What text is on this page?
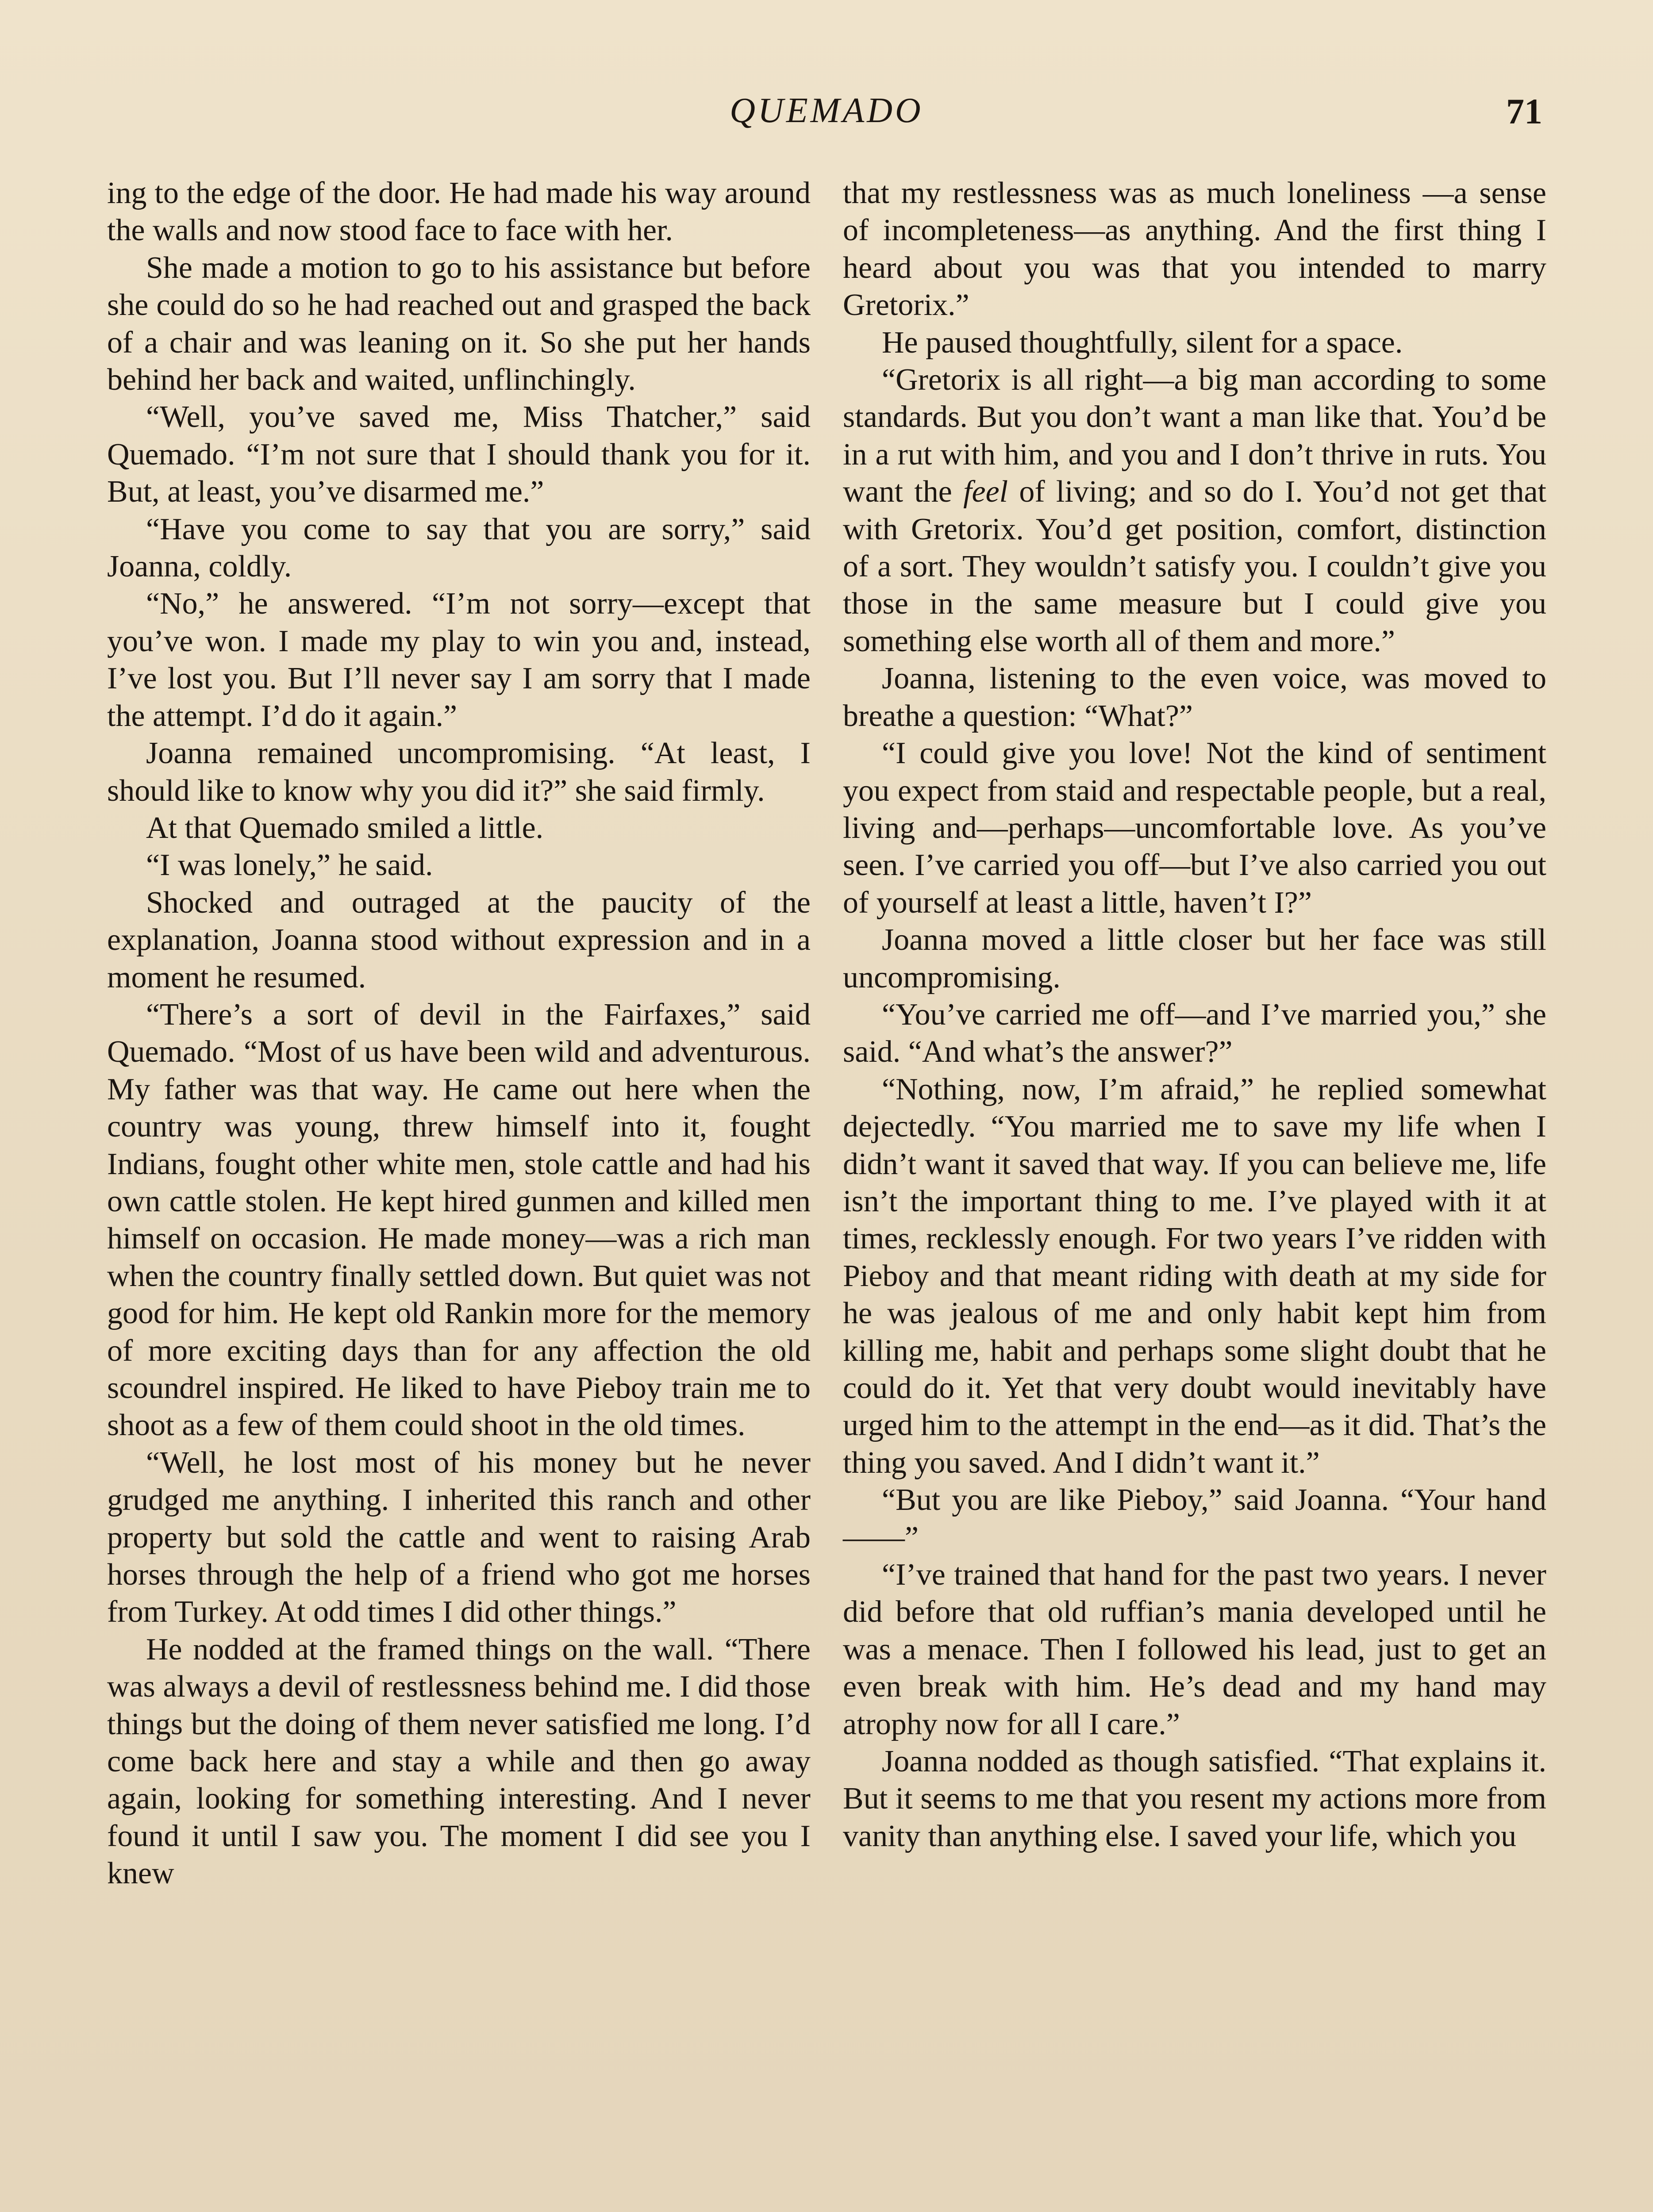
QUEMADO	71

ing to the edge of the door. He had made his way around the walls and now stood face to face with her.

She made a motion to go to his assistance but before she could do so he had reached out and grasped the back of a chair and was leaning on it. So she put her hands behind her back and waited, unflinchingly.

“Well, you’ve saved me, Miss Thatcher,” said Quemado. “I’m not sure that I should thank you for it. But, at least, you’ve disarmed me.”

“Have you come to say that you are sorry,” said Joanna, coldly.

“No,” he answered. “I’m not sorry—except that you’ve won. I made my play to win you and, instead, I’ve lost you. But I’ll never say I am sorry that I made the attempt. I’d do it again.”

Joanna remained uncompromising. “At least, I should like to know why you did it?” she said firmly.

At that Quemado smiled a little.

“I was lonely,” he said.

Shocked and outraged at the paucity of the explanation, Joanna stood without expression and in a moment he resumed.

“There’s a sort of devil in the Fairfaxes,” said Quemado. “Most of us have been wild and adventurous. My father was that way. He came out here when the country was young, threw himself into it, fought Indians, fought other white men, stole cattle and had his own cattle stolen. He kept hired gunmen and killed men himself on occasion. He made money—was a rich man when the country finally settled down. But quiet was not good for him. He kept old Rankin more for the memory of more exciting days than for any affection the old scoundrel inspired. He liked to have Pieboy train me to shoot as a few of them could shoot in the old times.

“Well, he lost most of his money but he never grudged me anything. I inherited this ranch and other property but sold the cattle and went to raising Arab horses through the help of a friend who got me horses from Turkey. At odd times I did other things.”

He nodded at the framed things on the wall. “There was always a devil of restlessness behind me. I did those things but the doing of them never satisfied me long. I’d come back here and stay a while and then go away again, looking for something interesting. And I never found it until I saw you. The moment I did see you I knew

that my restlessness was as much loneliness —a sense of incompleteness—as anything. And the first thing I heard about you was that you intended to marry Gretorix.”

He paused thoughtfully, silent for a space.

“Gretorix is all right—a big man according to some standards. But you don’t want a man like that. You’d be in a rut with him, and you and I don’t thrive in ruts. You want the feel of living; and so do I. You’d not get that with Gretorix. You’d get position, comfort, distinction of a sort. They wouldn’t satisfy you. I couldn’t give you those in the same measure but I could give you something else worth all of them and more.”

Joanna, listening to the even voice, was moved to breathe a question: “What?”

“I could give you love! Not the kind of sentiment you expect from staid and respectable people, but a real, living and—perhaps—uncomfortable love. As you’ve seen. I’ve carried you off—but I’ve also carried you out of yourself at least a little, haven’t I?”

Joanna moved a little closer but her face was still uncompromising.

“You’ve carried me off—and I’ve married you,” she said. “And what’s the answer?”

“Nothing, now, I’m afraid,” he replied somewhat dejectedly. “You married me to save my life when I didn’t want it saved that way. If you can believe me, life isn’t the important thing to me. I’ve played with it at times, recklessly enough. For two years I’ve ridden with Pieboy and that meant riding with death at my side for he was jealous of me and only habit kept him from killing me, habit and perhaps some slight doubt that he could do it. Yet that very doubt would inevitably have urged him to the attempt in the end—as it did. That’s the thing you saved. And I didn’t want it.”

“But you are like Pieboy,” said Joanna. “Your hand——”

“I’ve trained that hand for the past two years. I never did before that old ruffian’s mania developed until he was a menace. Then I followed his lead, just to get an even break with him. He’s dead and my hand may atrophy now for all I care.”

Joanna nodded as though satisfied. “That explains it. But it seems to me that you resent my actions more from vanity than anything else. I saved your life, which you
